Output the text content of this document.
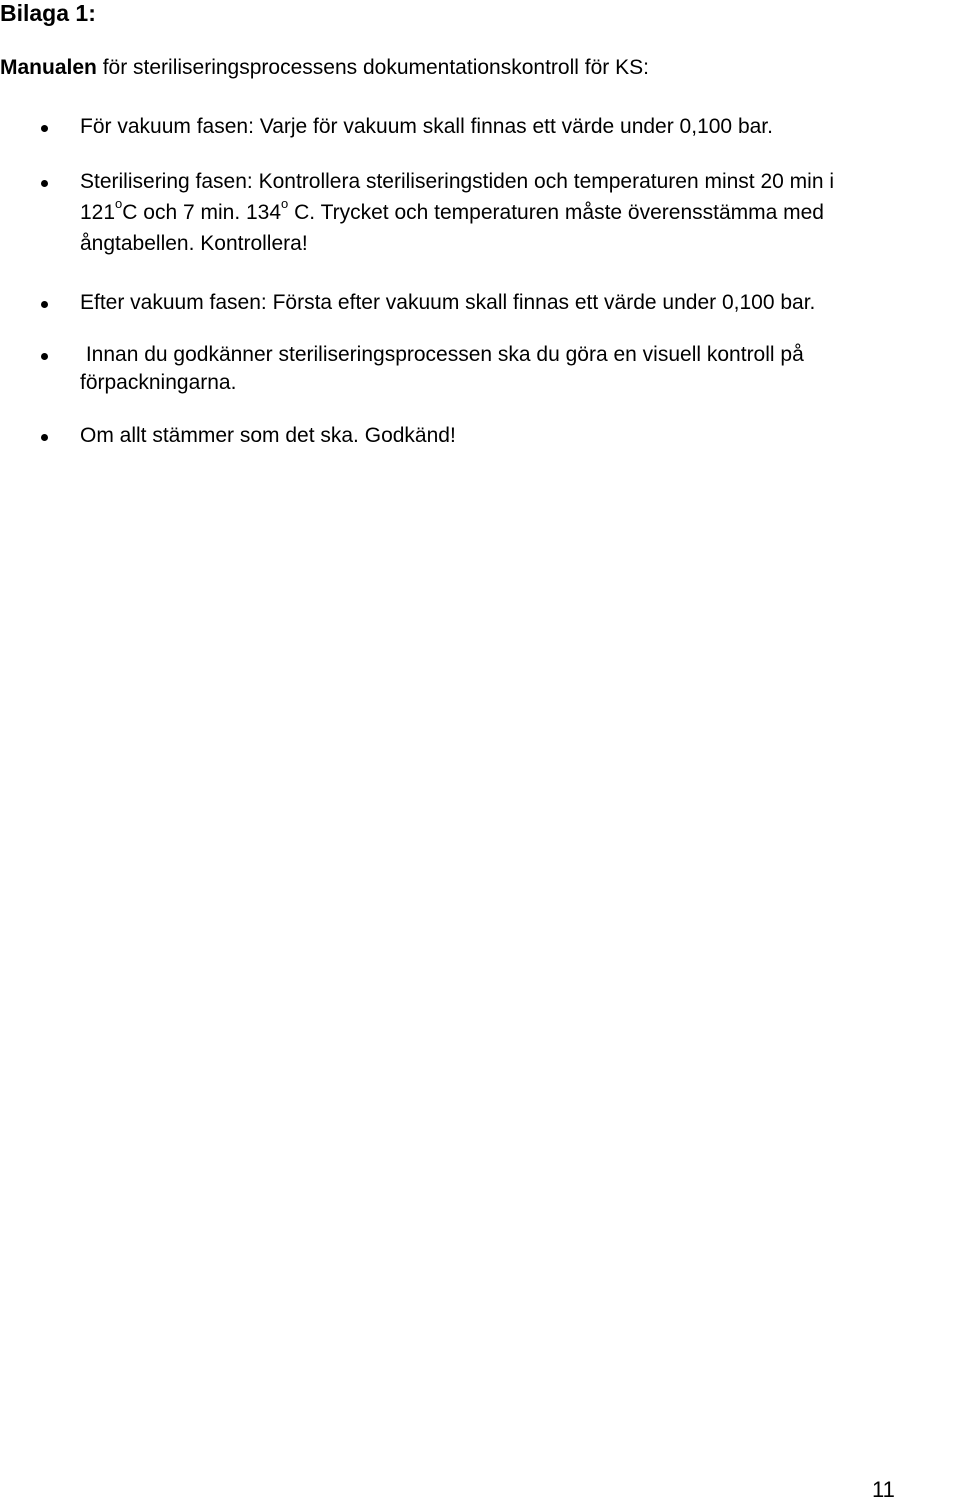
Bilaga 1:
Manualen för steriliseringsprocessens dokumentationskontroll för KS:
För vakuum fasen: Varje för vakuum skall finnas ett värde under 0,100 bar.
Sterilisering fasen: Kontrollera steriliseringstiden och temperaturen minst 20 min i
121$^o$C och 7 min. 134$^o$ C. Trycket och temperaturen måste överensstämma med
ångtabellen. Kontrollera!
Efter vakuum fasen: Första efter vakuum skall finnas ett värde under 0,100 bar.
Innan du godkänner steriliseringsprocessen ska du göra en visuell kontroll på
förpackningarna.
Om allt stämmer som det ska. Godkänd!
11
